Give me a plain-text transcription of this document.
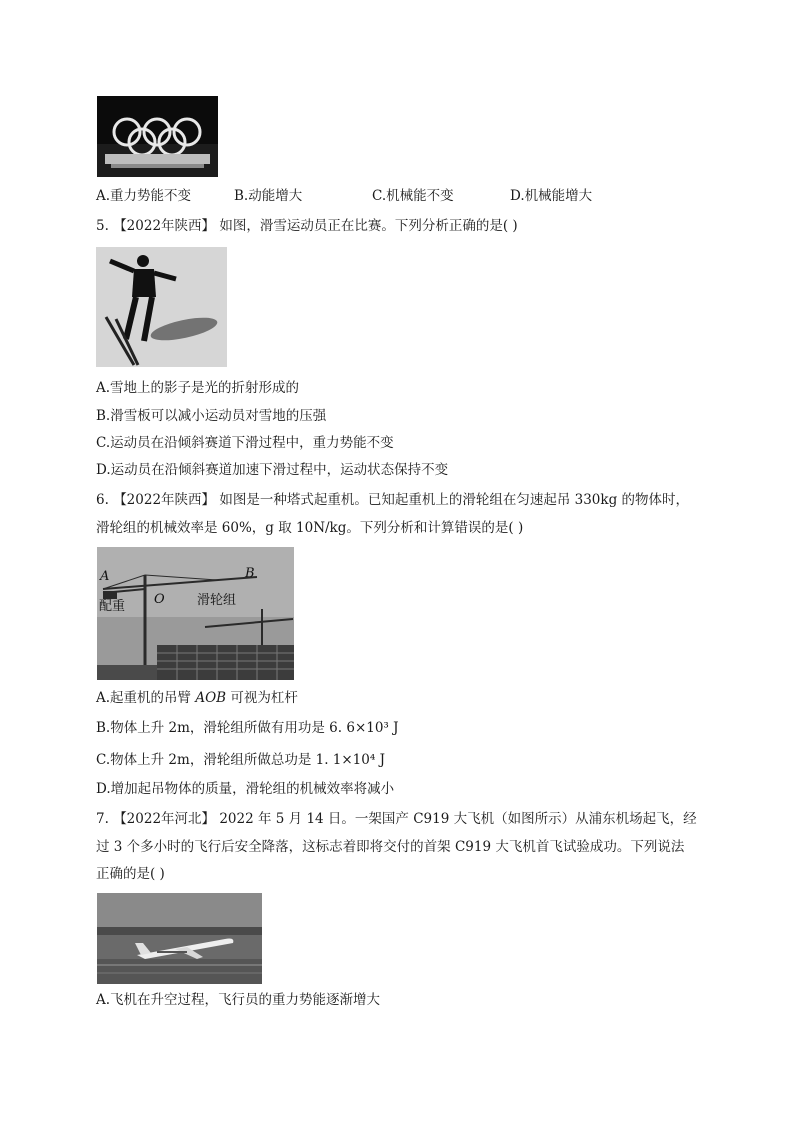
A.重力势能不变	B.动能增大	C.机械能不变	D.机械能增大
5. 【2022年陕西】 如图，滑雪运动员正在比赛。下列分析正确的是( )
A.雪地上的影子是光的折射形成的
B.滑雪板可以减小运动员对雪地的压强
C.运动员在沿倾斜赛道下滑过程中，重力势能不变
D.运动员在沿倾斜赛道加速下滑过程中，运动状态保持不变
6. 【2022年陕西】 如图是一种塔式起重机。已知起重机上的滑轮组在匀速起吊 330kg 的物体时，
滑轮组的机械效率是 60%，g 取 10N/kg。下列分析和计算错误的是( )
A	B
O
配重	滑轮组
A.起重机的吊臂 AOB 可视为杠杆
B.物体上升 2m，滑轮组所做有用功是 6. 6×10³ J
C.物体上升 2m，滑轮组所做总功是 1. 1×10⁴ J
D.增加起吊物体的质量，滑轮组的机械效率将减小
7. 【2022年河北】 2022 年 5 月 14 日。一架国产 C919 大飞机（如图所示）从浦东机场起飞，经
过 3 个多小时的飞行后安全降落，这标志着即将交付的首架 C919 大飞机首飞试验成功。下列说法
正确的是( )
A.飞机在升空过程，飞行员的重力势能逐渐增大
